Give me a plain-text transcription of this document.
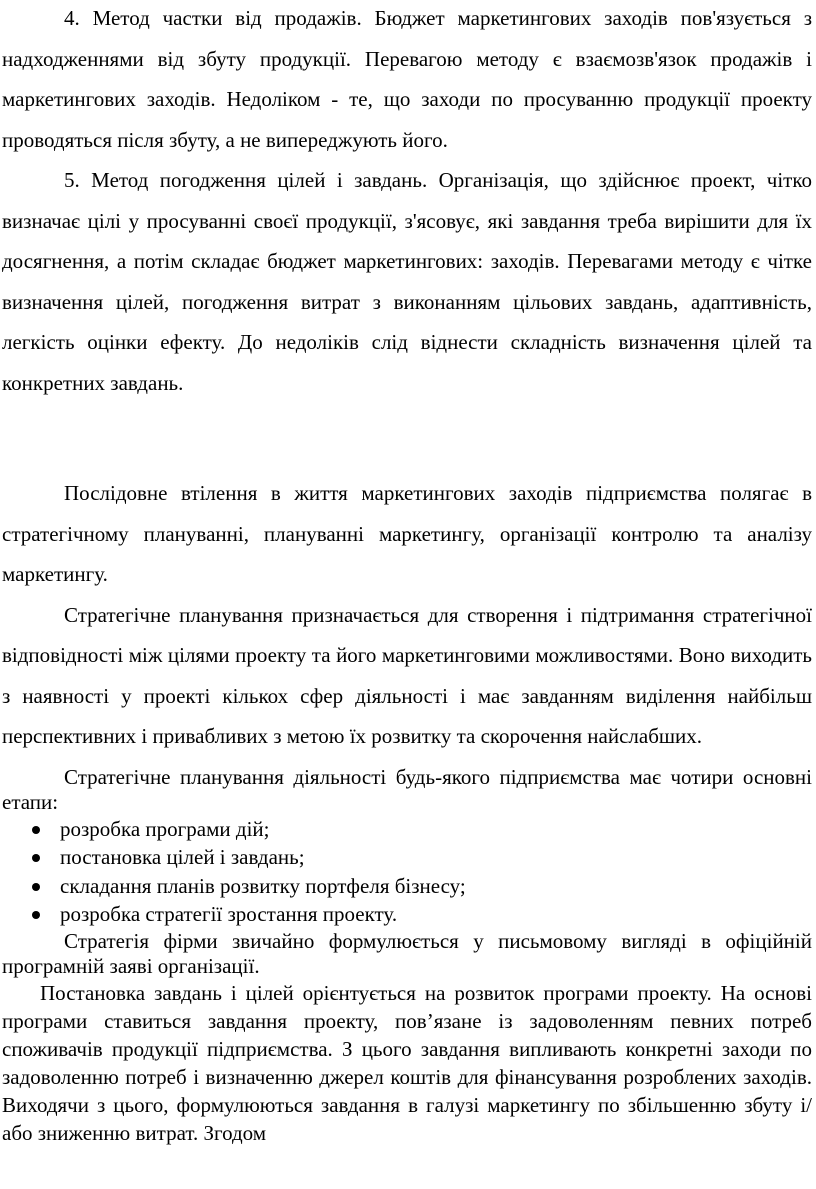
4. Метод частки від продажів. Бюджет маркетингових заходів пов'язується з надходженнями від збуту продукції. Перевагою методу є взаємозв'язок продажів і маркетингових заходів. Недоліком - те, що заходи по просуванню продукції проекту проводяться після збуту, а не випереджують його.

5. Метод погодження цілей і завдань. Організація, що здійснює проект, чітко визначає цілі у просуванні своєї продукції, з'ясовує, які завдання треба вирішити для їх досягнення, а потім складає бюджет маркетингових: заходів. Перевагами методу є чітке визначення цілей, погодження витрат з виконанням цільових завдань, адаптивність, легкість оцінки ефекту. До недоліків слід віднести складність визначення цілей та конкретних завдань.

Послідовне втілення в життя маркетингових заходів підприємства полягає в стратегічному плануванні, плануванні маркетингу, організації контролю та аналізу маркетингу.

Стратегічне планування призначається для створення і підтримання стратегічної відповідності між цілями проекту та його маркетинговими можливостями. Воно виходить з наявності у проекті кількох сфер діяльності і має завданням виділення найбільш перспективних і привабливих з метою їх розвитку та скорочення найслабших.

Стратегічне планування діяльності будь-якого підприємства має чотири основні етапи:

розробка програми дій;
постановка цілей і завдань;
складання планів розвитку портфеля бізнесу;
розробка стратегії зростання проекту.

Стратегія фірми звичайно формулюється у письмовому вигляді в офіційній програмній заяві організації.

Постановка завдань і цілей орієнтується на розвиток програми проекту. На основі програми ставиться завдання проекту, пов’язане із задоволенням певних потреб споживачів продукції підприємства. З цього завдання випливають конкретні заходи по задоволенню потреб і визначенню джерел коштів для фінансування розроблених заходів. Виходячи з цього, формулюються завдання в галузі маркетингу по збільшенню збуту і/або зниженню витрат. Згодом
